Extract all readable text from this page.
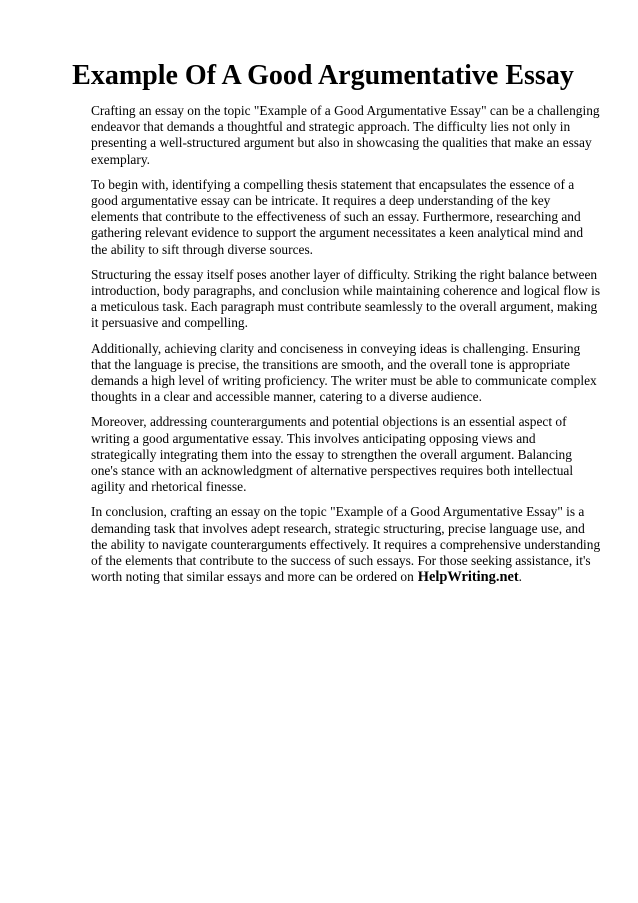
Example Of A Good Argumentative Essay

Crafting an essay on the topic "Example of a Good Argumentative Essay" can be a challenging endeavor that demands a thoughtful and strategic approach. The difficulty lies not only in presenting a well-structured argument but also in showcasing the qualities that make an essay exemplary.

To begin with, identifying a compelling thesis statement that encapsulates the essence of a good argumentative essay can be intricate. It requires a deep understanding of the key elements that contribute to the effectiveness of such an essay. Furthermore, researching and gathering relevant evidence to support the argument necessitates a keen analytical mind and the ability to sift through diverse sources.

Structuring the essay itself poses another layer of difficulty. Striking the right balance between introduction, body paragraphs, and conclusion while maintaining coherence and logical flow is a meticulous task. Each paragraph must contribute seamlessly to the overall argument, making it persuasive and compelling.

Additionally, achieving clarity and conciseness in conveying ideas is challenging. Ensuring that the language is precise, the transitions are smooth, and the overall tone is appropriate demands a high level of writing proficiency. The writer must be able to communicate complex thoughts in a clear and accessible manner, catering to a diverse audience.

Moreover, addressing counterarguments and potential objections is an essential aspect of writing a good argumentative essay. This involves anticipating opposing views and strategically integrating them into the essay to strengthen the overall argument. Balancing one's stance with an acknowledgment of alternative perspectives requires both intellectual agility and rhetorical finesse.

In conclusion, crafting an essay on the topic "Example of a Good Argumentative Essay" is a demanding task that involves adept research, strategic structuring, precise language use, and the ability to navigate counterarguments effectively. It requires a comprehensive understanding of the elements that contribute to the success of such essays. For those seeking assistance, it's worth noting that similar essays and more can be ordered on HelpWriting.net.
